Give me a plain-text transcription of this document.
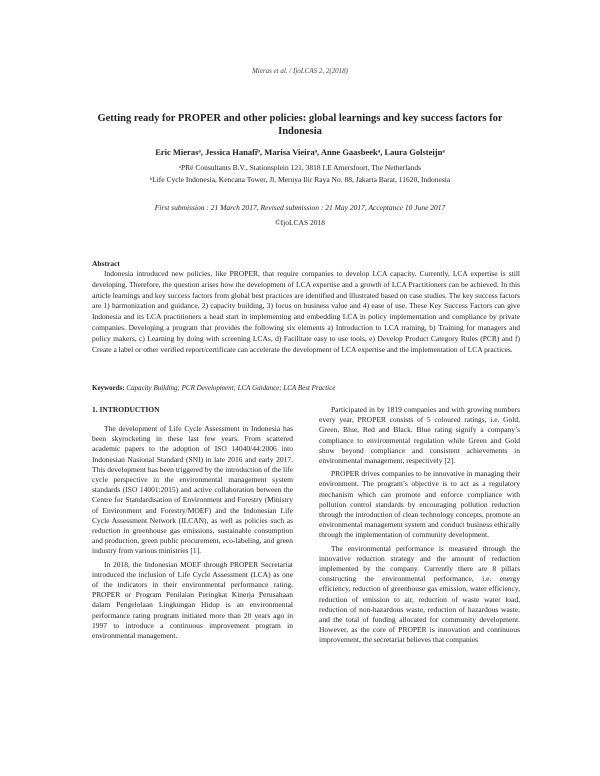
Mieras et al. / IjoLCAS 2, 2(2018)
Getting ready for PROPER and other policies: global learnings and key success factors for Indonesia
Eric Mierasᵃ, Jessica Hanafiᵇ, Marisa Vieiraᵃ, Anne Gaasbeekᵃ, Laura Golsteijnᵃ
ᵃPRé Consultants B.V., Stationsplein 121, 3818 LE Amersfoort, The Netherlands
ᵇLife Cycle Indonesia, Kencana Tower, Jl. Meruya Ilir Raya No. 88, Jakarta Barat, 11620, Indonesia
First submission : 21 March 2017, Revised submission : 21 May 2017, Acceptance 10 June 2017
©IjoLCAS 2018
Abstract

Indonesia introduced new policies, like PROPER, that require companies to develop LCA capacity. Currently, LCA expertise is still developing. Therefore, the question arises how the development of LCA expertise and a growth of LCA Practitioners can be achieved. In this article learnings and key success factors from global best practices are identified and illustrated based on case studies. The key success factors are 1) harmonization and guidance, 2) capacity building, 3) focus on business value and 4) ease of use. These Key Success Factors can give Indonesia and its LCA practitioners a head start in implementing and embedding LCA in policy implementation and compliance by private companies. Developing a program that provides the following six elements a) Introduction to LCA training, b) Training for managers and policy makers, c) Learning by doing with screening LCAs, d) Facilitate easy to use tools, e) Develop Product Category Rules (PCR) and f) Create a label or other verified report/certificate can accelerate the development of LCA expertise and the implementation of LCA practices.

Keywords: Capacity Building; PCR Development; LCA Guidance; LCA Best Practice
1. INTRODUCTION

The development of Life Cycle Assessment in Indonesia has been skyrocketing in these last few years. From scattered academic papers to the adoption of ISO 14040/44:2006 into Indonesian Nasional Standard (SNI) in late 2016 and early 2017. This development has been triggered by the introduction of the life cycle perspective in the environmental management system standards (ISO 14001:2015) and active collaboration between the Centre for Standardisation of Environment and Forestry (Ministry of Environment and Forestry/MOEF) and the Indonesian Life Cycle Assessment Network (ILCAN), as well as policies such as reduction in greenhouse gas emissions, sustainable consumption and production, green public procurement, eco-labeling, and green industry from various ministries [1].

In 2018, the Indonesian MOEF through PROPER Secretariat introduced the inclusion of Life Cycle Assessment (LCA) as one of the indicators in their environmental performance rating. PROPER or Program Penilaian Peringkat Kinerja Perusahaan dalam Pengelolaan Lingkungan Hidup is an environmental performance rating program initiated more than 20 years ago in 1997 to introduce a continuous improvement program in environmental management.

Participated in by 1819 companies and with growing numbers every year, PROPER consists of 5 coloured ratings, i.e. Gold, Green, Blue, Red and Black. Blue rating signify a company’s compliance to environmental regulation while Green and Gold show beyond compliance and consistent achievements in environmental management, respectively [2].

PROPER drives companies to be innovative in managing their environment. The program’s objective is to act as a regulatory mechanism which can promote and enforce compliance with pollution control standards by encouraging pollution reduction through the introduction of clean technology concepts, promote an environmental management system and conduct business ethically through the implementation of community development.

The environmental performance is measured through the innovative reduction strategy and the amount of reduction implemented by the company. Currently there are 8 pillars constructing the environmental performance, i.e. energy efficiency, reduction of greenhouse gas emission, water efficiency, reduction of emission to air, reduction of waste water load, reduction of non-hazardous waste, reduction of hazardous waste, and the total of funding allocated for community development. However, as the core of PROPER is innovation and continuous improvement, the secretariat believes that companies
